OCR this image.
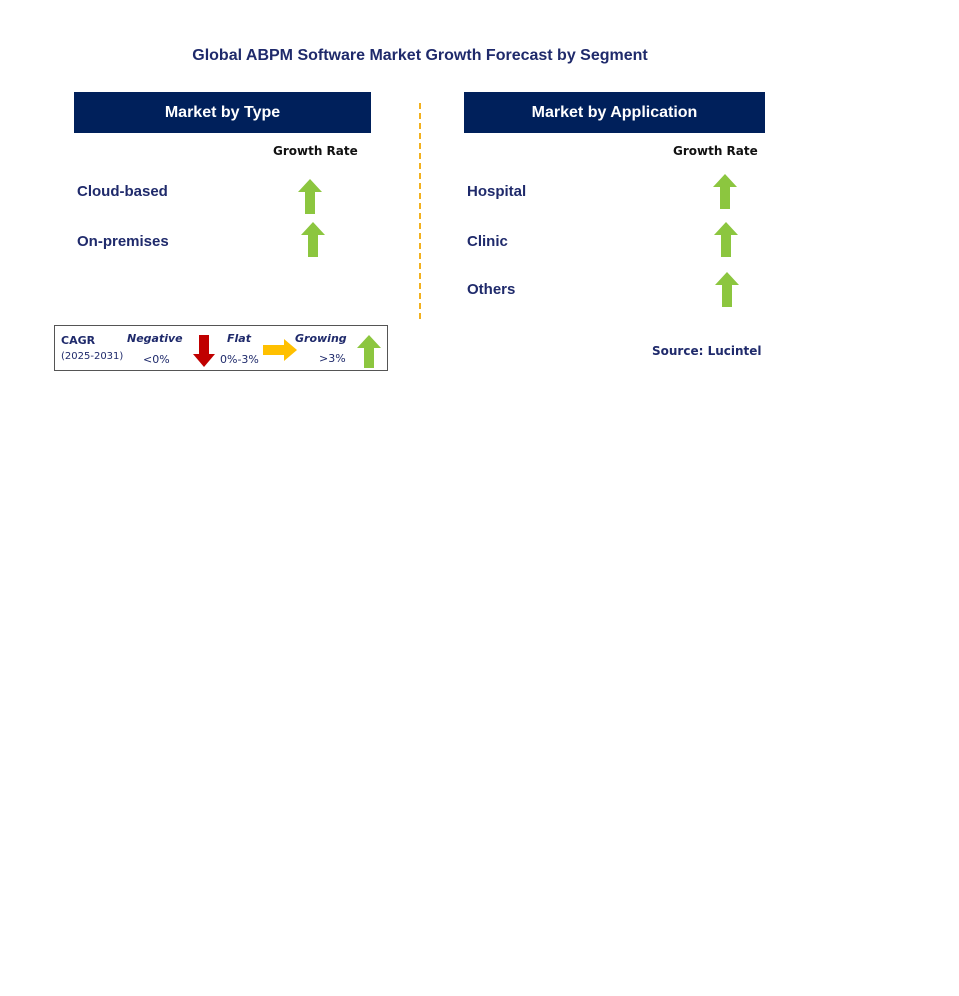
Global ABPM Software Market Growth Forecast by Segment
Market by Type
Growth Rate
Cloud-based
On-premises
Market by Application
Growth Rate
Hospital
Clinic
Others
CAGR
(2025-2031)
Negative
<0%
Flat
0%-3%
Growing
>3%
Source: Lucintel
